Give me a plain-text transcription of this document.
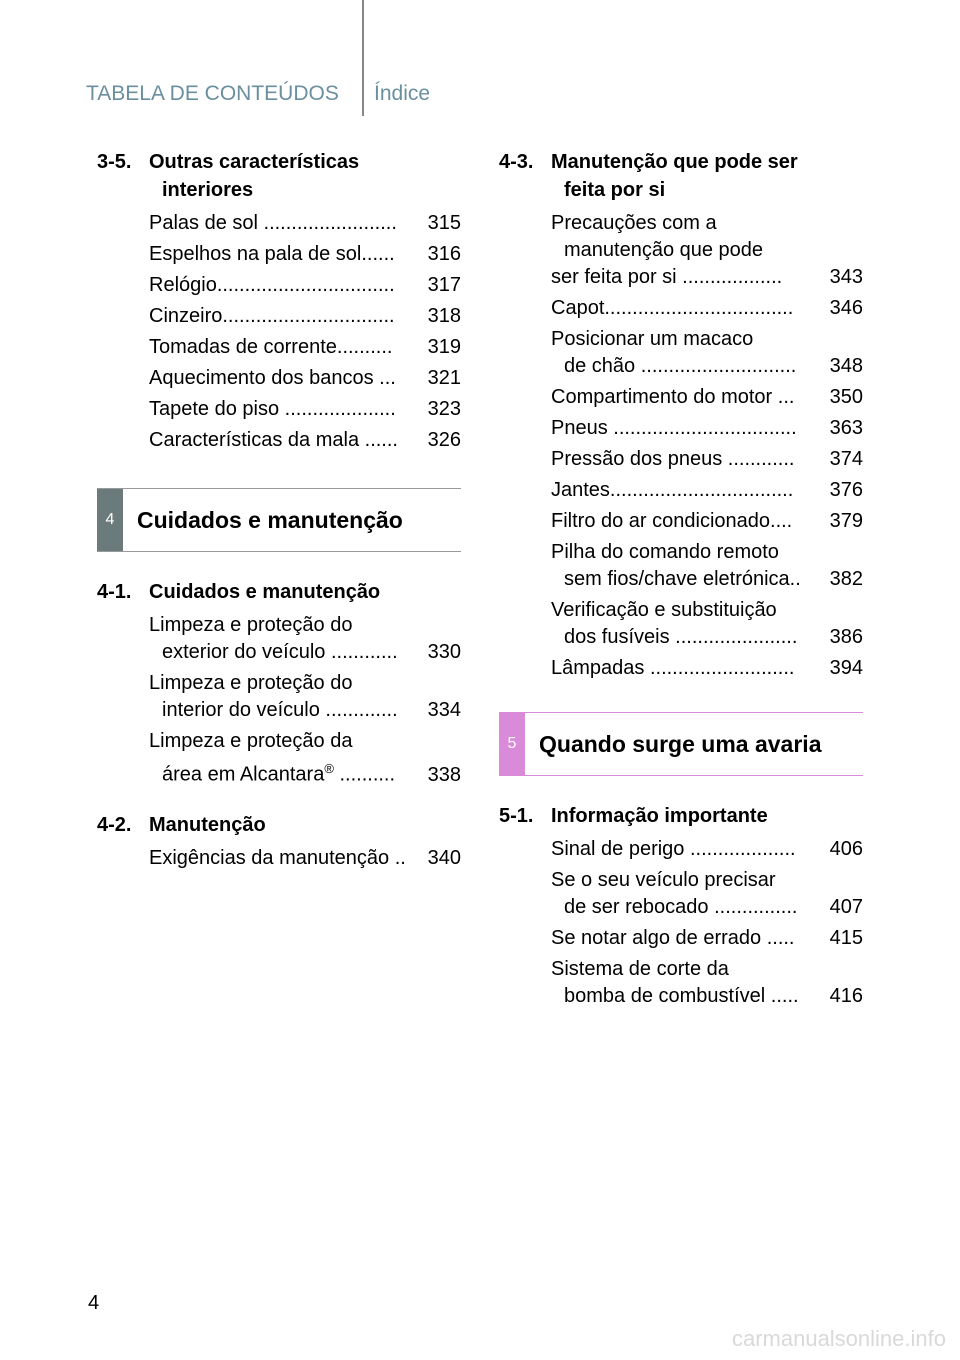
TABELA DE CONTEÚDOS Índice
3-5. Outras características
interiores
Palas de sol ........................	315
Espelhos na pala de sol......	316
Relógio................................	317
Cinzeiro...............................	318
Tomadas de corrente..........	319
Aquecimento dos bancos ...	321
Tapete do piso ....................	323
Características da mala ......	326
4 Cuidados e manutenção
4-1. Cuidados e manutenção
Limpeza e proteção do
exterior do veículo ............	330
Limpeza e proteção do
interior do veículo .............	334
Limpeza e proteção da
área em Alcantara® ..........	338
4-2. Manutenção
Exigências da manutenção ..	340
4-3. Manutenção que pode ser
feita por si
Precauções com a
manutenção que pode
ser feita por si ..................	343
Capot..................................	346
Posicionar um macaco
de chão ............................	348
Compartimento do motor ...	350
Pneus .................................	363
Pressão dos pneus ............	374
Jantes.................................	376
Filtro do ar condicionado....	379
Pilha do comando remoto
sem fios/chave eletrónica..	382
Verificação e substituição
dos fusíveis ......................	386
Lâmpadas ..........................	394
5 Quando surge uma avaria
5-1. Informação importante
Sinal de perigo ...................	406
Se o seu veículo precisar
de ser rebocado ...............	407
Se notar algo de errado .....	415
Sistema de corte da
bomba de combustível .....	416
4
carmanualsonline.info
